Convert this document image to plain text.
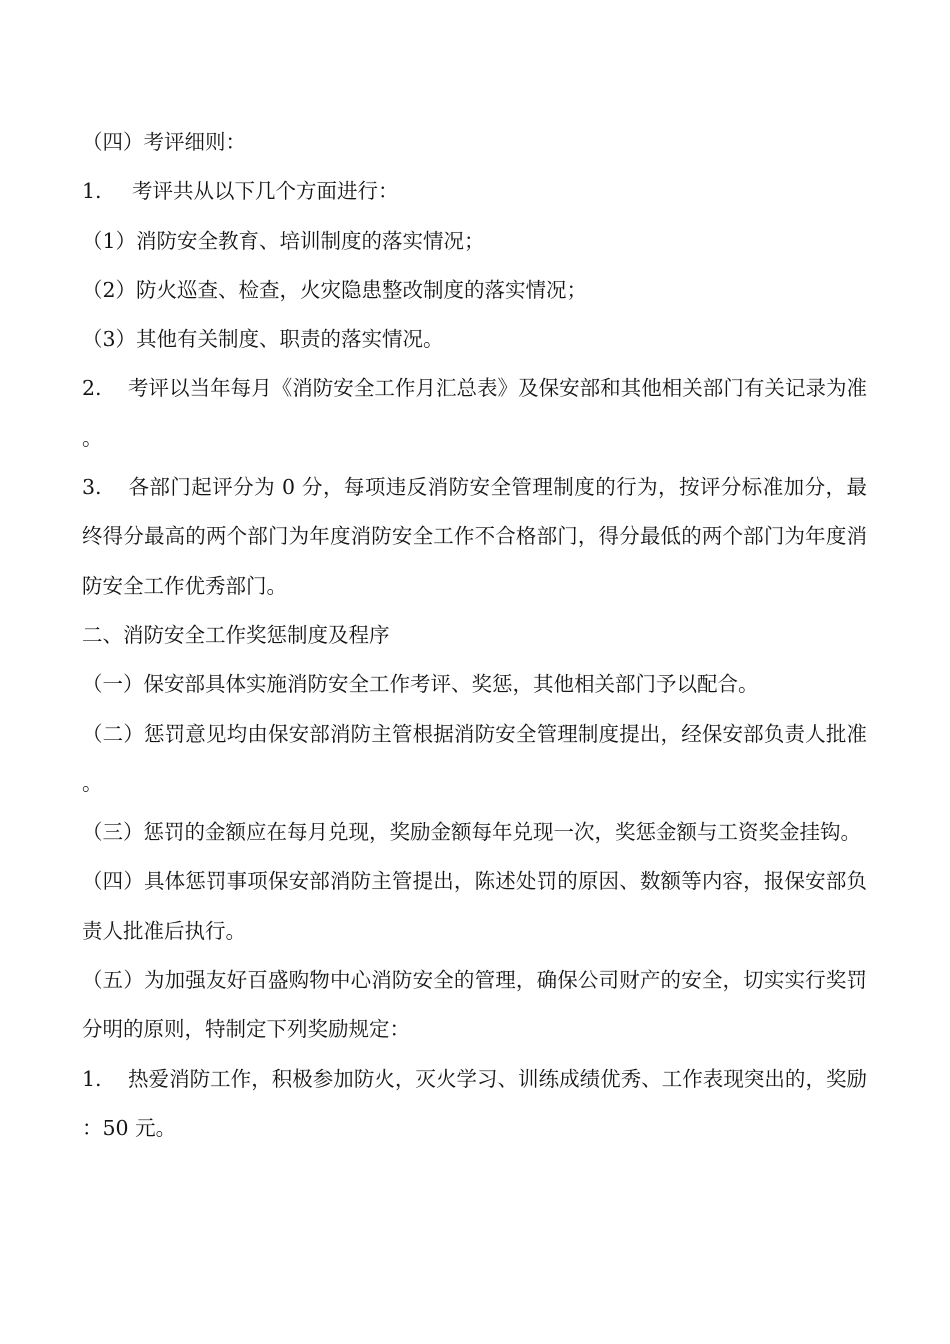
（四）考评细则：

1. 考评共从以下几个方面进行：

（1）消防安全教育、培训制度的落实情况；

（2）防火巡查、检查，火灾隐患整改制度的落实情况；

（3）其他有关制度、职责的落实情况。

2. 考评以当年每月《消防安全工作月汇总表》及保安部和其他相关部门有关记录为准。

3. 各部门起评分为 0 分，每项违反消防安全管理制度的行为，按评分标准加分，最终得分最高的两个部门为年度消防安全工作不合格部门，得分最低的两个部门为年度消防安全工作优秀部门。

二、消防安全工作奖惩制度及程序

（一）保安部具体实施消防安全工作考评、奖惩，其他相关部门予以配合。

（二）惩罚意见均由保安部消防主管根据消防安全管理制度提出，经保安部负责人批准。

（三）惩罚的金额应在每月兑现，奖励金额每年兑现一次，奖惩金额与工资奖金挂钩。

（四）具体惩罚事项保安部消防主管提出，陈述处罚的原因、数额等内容，报保安部负责人批准后执行。

（五）为加强友好百盛购物中心消防安全的管理，确保公司财产的安全，切实实行奖罚分明的原则，特制定下列奖励规定：

1. 热爱消防工作，积极参加防火，灭火学习、训练成绩优秀、工作表现突出的，奖励：50 元。
